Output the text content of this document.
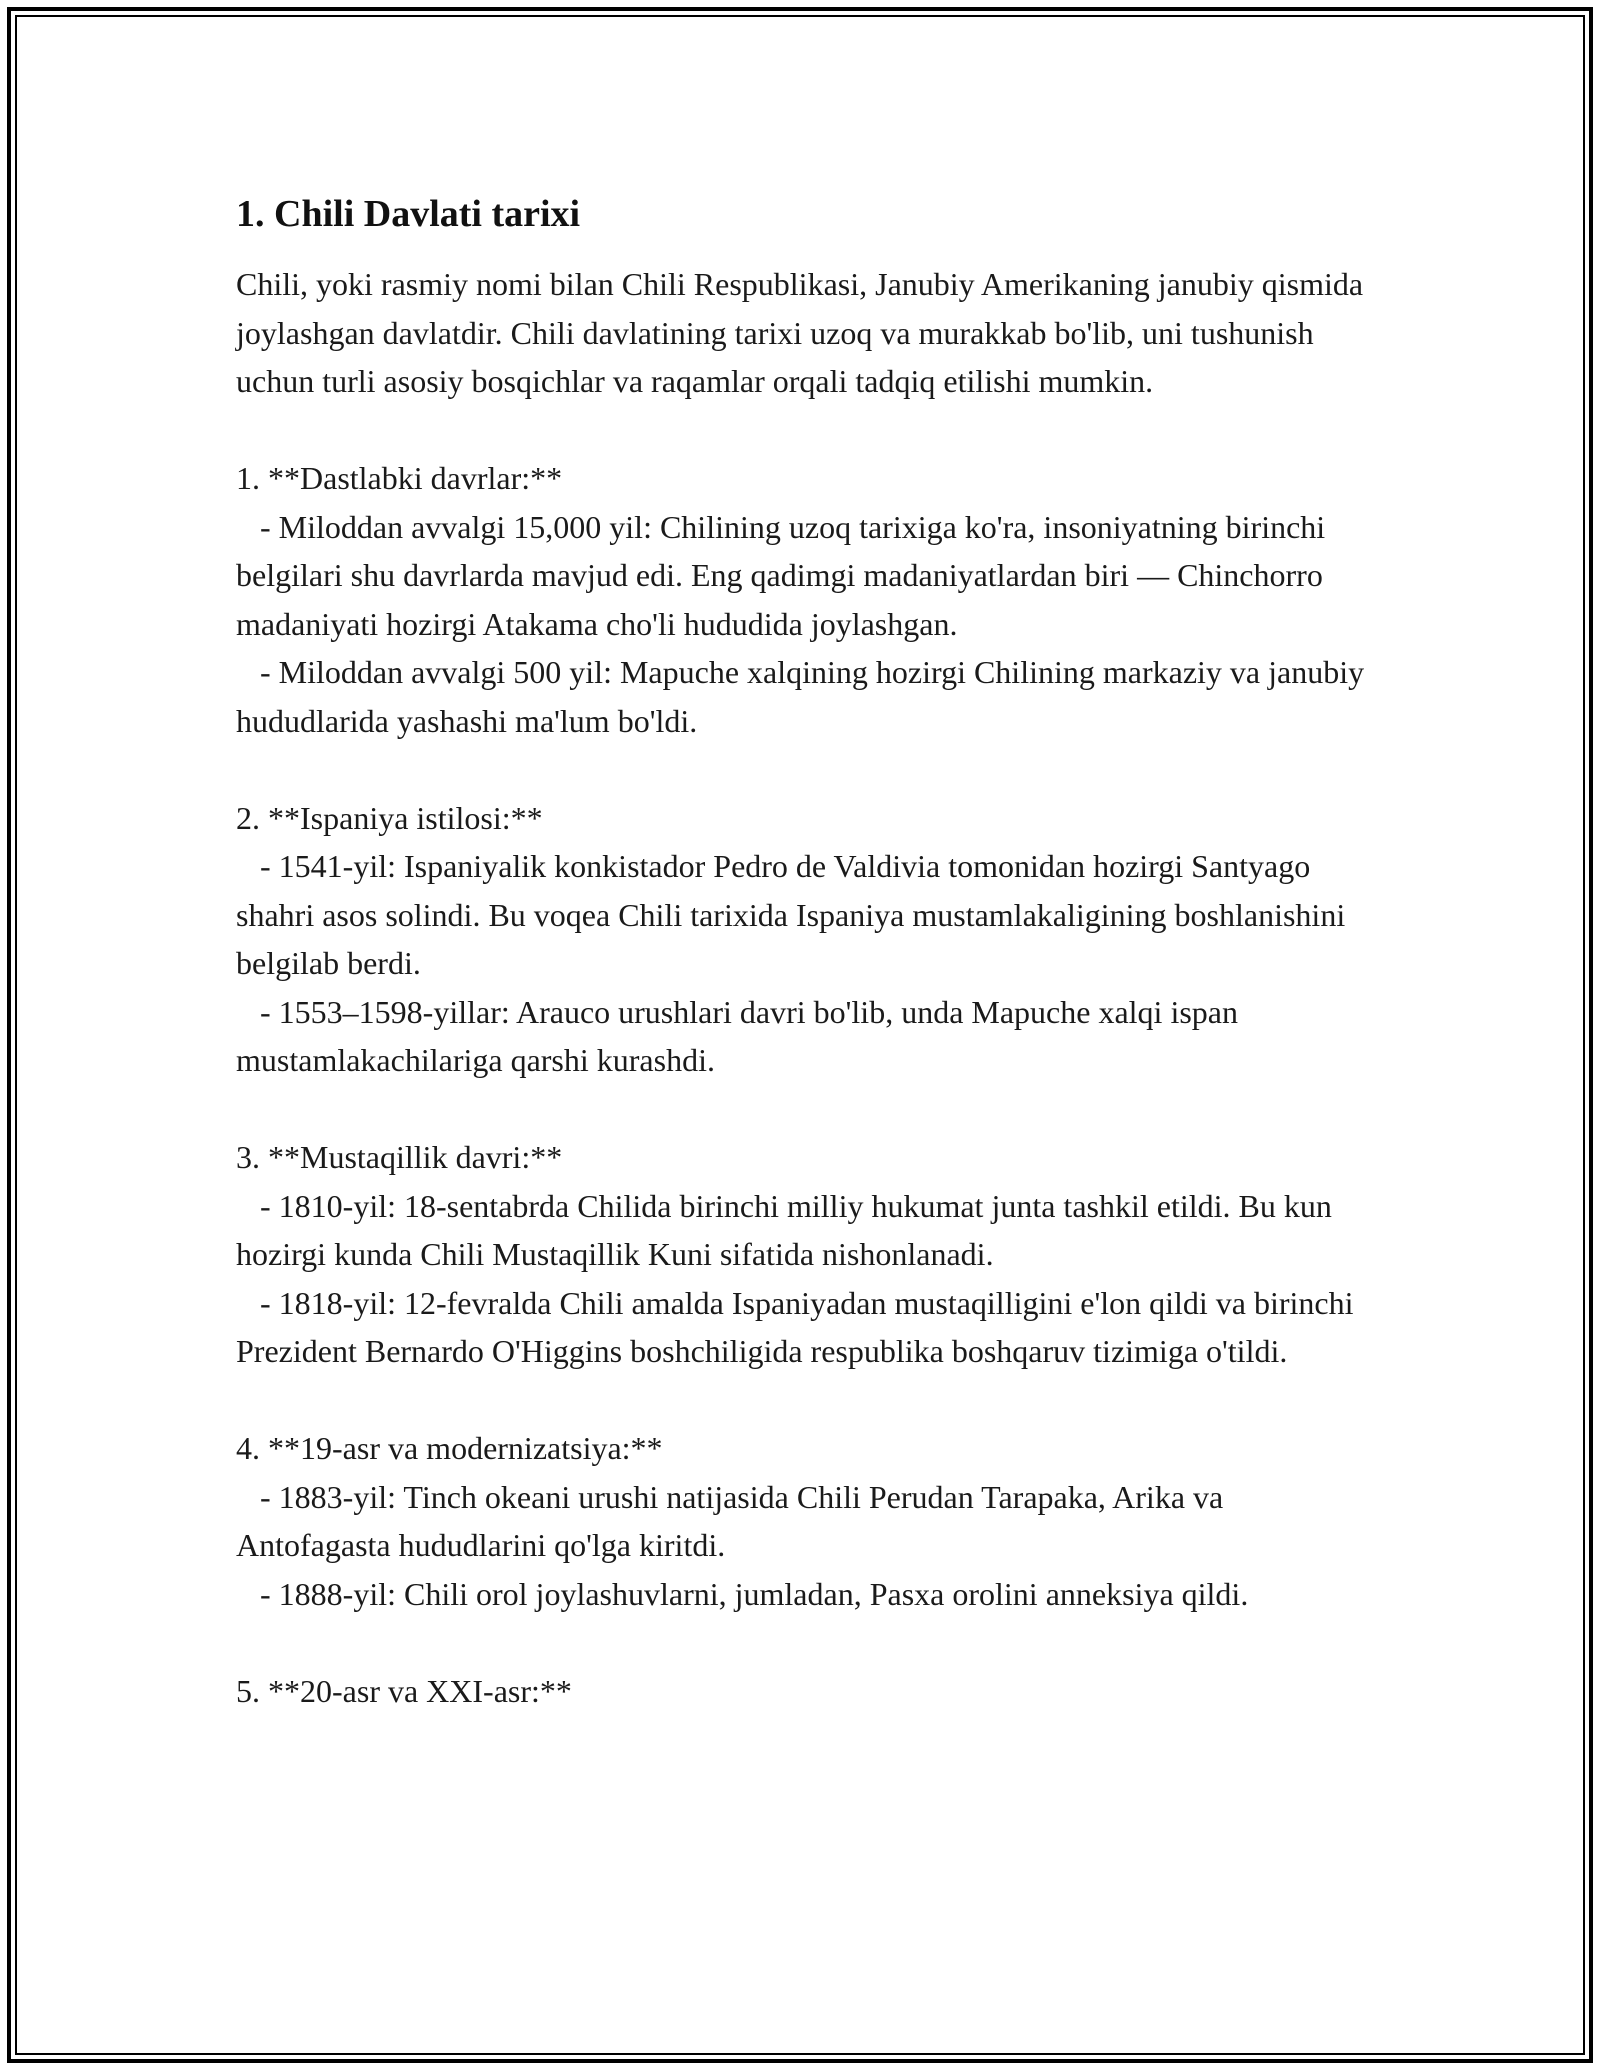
1. Chili Davlati tarixi

Chili, yoki rasmiy nomi bilan Chili Respublikasi, Janubiy Amerikaning janubiy qismida joylashgan davlatdir. Chili davlatining tarixi uzoq va murakkab bo'lib, uni tushunish uchun turli asosiy bosqichlar va raqamlar orqali tadqiq etilishi mumkin.

1. **Dastlabki davrlar:**

- Miloddan avvalgi 15,000 yil: Chilining uzoq tarixiga ko'ra, insoniyatning birinchi belgilari shu davrlarda mavjud edi. Eng qadimgi madaniyatlardan biri — Chinchorro madaniyati hozirgi Atakama cho'li hududida joylashgan.

- Miloddan avvalgi 500 yil: Mapuche xalqining hozirgi Chilining markaziy va janubiy hududlarida yashashi ma'lum bo'ldi.

2. **Ispaniya istilosi:**

- 1541-yil: Ispaniyalik konkistador Pedro de Valdivia tomonidan hozirgi Santyago shahri asos solindi. Bu voqea Chili tarixida Ispaniya mustamlakaligining boshlanishini belgilab berdi.

- 1553–1598-yillar: Arauco urushlari davri bo'lib, unda Mapuche xalqi ispan mustamlakachilariga qarshi kurashdi.

3. **Mustaqillik davri:**

- 1810-yil: 18-sentabrda Chilida birinchi milliy hukumat junta tashkil etildi. Bu kun hozirgi kunda Chili Mustaqillik Kuni sifatida nishonlanadi.

- 1818-yil: 12-fevralda Chili amalda Ispaniyadan mustaqilligini e'lon qildi va birinchi Prezident Bernardo O'Higgins boshchiligida respublika boshqaruv tizimiga o'tildi.

4. **19-asr va modernizatsiya:**

- 1883-yil: Tinch okeani urushi natijasida Chili Perudan Tarapaka, Arika va Antofagasta hududlarini qo'lga kiritdi.

- 1888-yil: Chili orol joylashuvlarni, jumladan, Pasxa orolini anneksiya qildi.

5. **20-asr va XXI-asr:**
